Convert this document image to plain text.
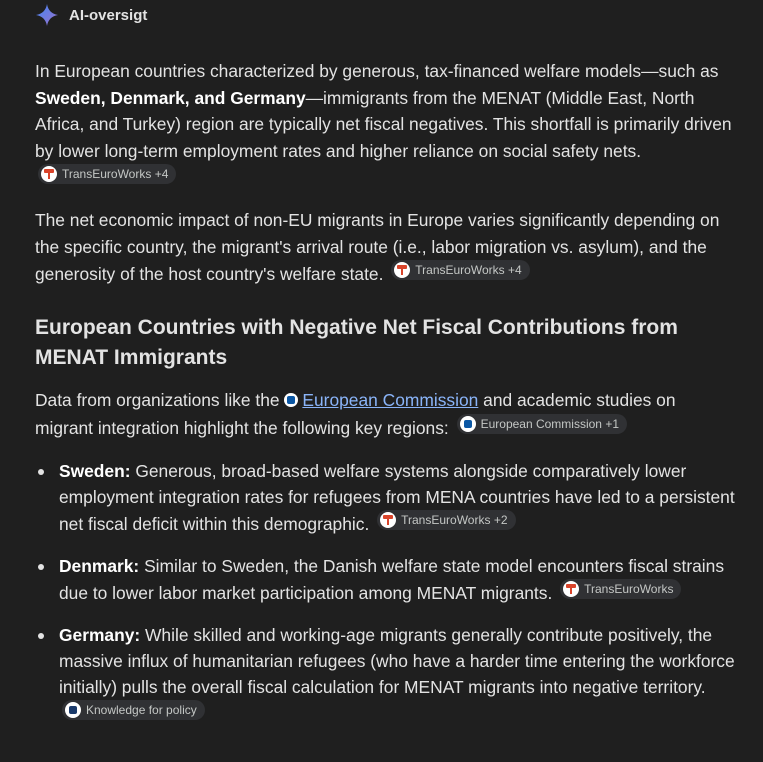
AI-oversigt
In European countries characterized by generous, tax-financed welfare models—such as Sweden, Denmark, and Germany—immigrants from the MENAT (Middle East, North Africa, and Turkey) region are typically net fiscal negatives. This shortfall is primarily driven by lower long-term employment rates and higher reliance on social safety nets.
TransEuroWorks +4
The net economic impact of non-EU migrants in Europe varies significantly depending on the specific country, the migrant's arrival route (i.e., labor migration vs. asylum), and the generosity of the host country's welfare state.	TransEuroWorks +4
European Countries with Negative Net Fiscal Contributions from MENAT Immigrants
Data from organizations like the European Commission and academic studies on migrant integration highlight the following key regions:	European Commission +1
Sweden: Generous, broad-based welfare systems alongside comparatively lower employment integration rates for refugees from MENA countries have led to a persistent net fiscal deficit within this demographic.	TransEuroWorks +2
Denmark: Similar to Sweden, the Danish welfare state model encounters fiscal strains due to lower labor market participation among MENAT migrants.	TransEuroWorks
Germany: While skilled and working-age migrants generally contribute positively, the massive influx of humanitarian refugees (who have a harder time entering the workforce initially) pulls the overall fiscal calculation for MENAT migrants into negative territory.
Knowledge for policy
